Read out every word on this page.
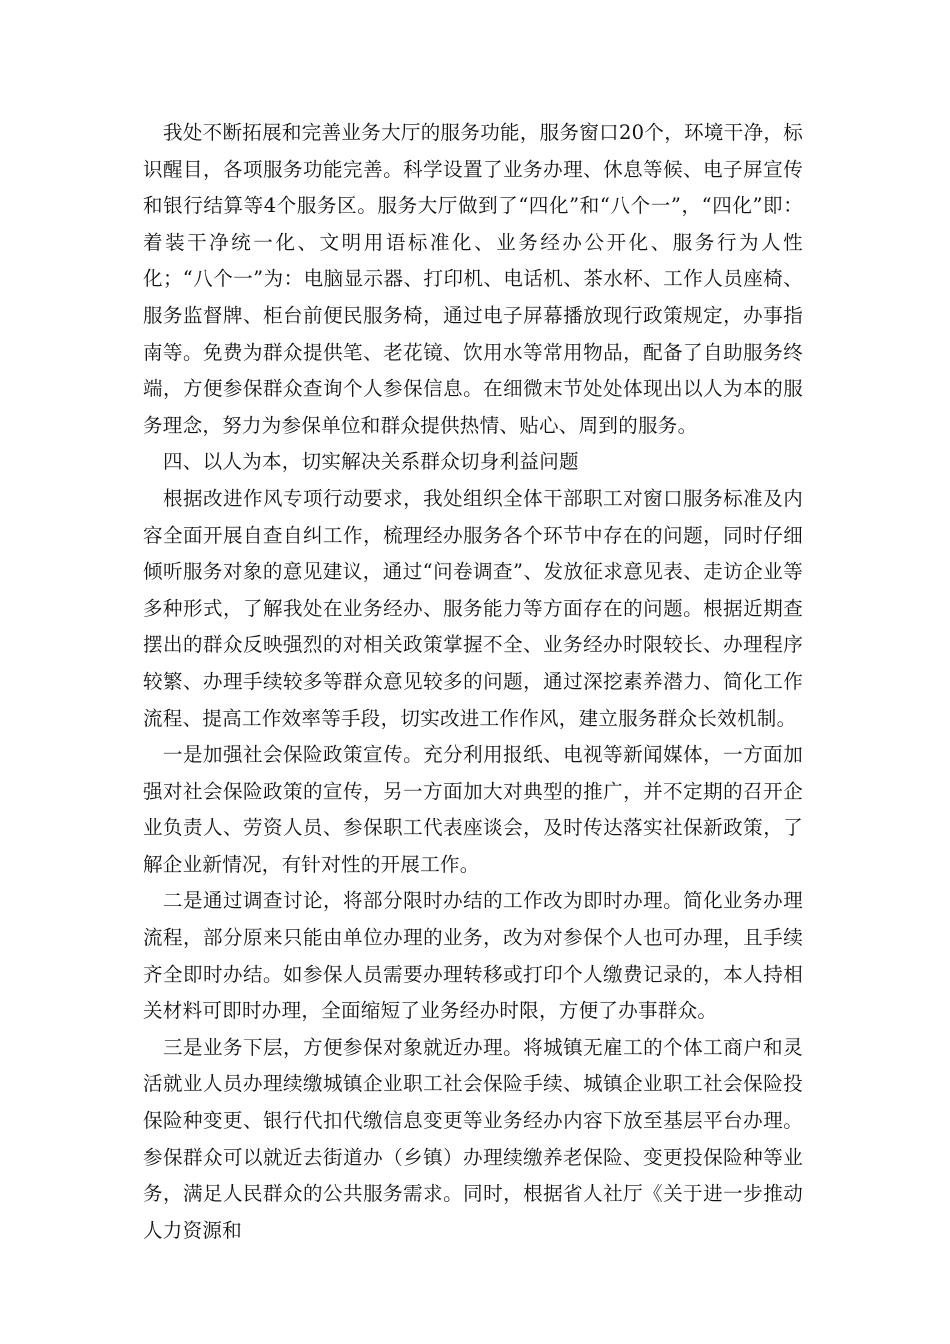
我处不断拓展和完善业务大厅的服务功能，服务窗口20个，环境干净，标识醒目，各项服务功能完善。科学设置了业务办理、休息等候、电子屏宣传和银行结算等4个服务区。服务大厅做到了“四化”和“八个一”，“四化”即：着装干净统一化、文明用语标准化、业务经办公开化、服务行为人性化；“八个一”为：电脑显示器、打印机、电话机、茶水杯、工作人员座椅、服务监督牌、柜台前便民服务椅，通过电子屏幕播放现行政策规定，办事指南等。免费为群众提供笔、老花镜、饮用水等常用物品，配备了自助服务终端，方便参保群众查询个人参保信息。在细微末节处处体现出以人为本的服务理念，努力为参保单位和群众提供热情、贴心、周到的服务。

四、以人为本，切实解决关系群众切身利益问题

根据改进作风专项行动要求，我处组织全体干部职工对窗口服务标准及内容全面开展自查自纠工作，梳理经办服务各个环节中存在的问题，同时仔细倾听服务对象的意见建议，通过“问卷调查”、发放征求意见表、走访企业等多种形式，了解我处在业务经办、服务能力等方面存在的问题。根据近期查摆出的群众反映强烈的对相关政策掌握不全、业务经办时限较长、办理程序较繁、办理手续较多等群众意见较多的问题，通过深挖素养潜力、简化工作流程、提高工作效率等手段，切实改进工作作风，建立服务群众长效机制。

一是加强社会保险政策宣传。充分利用报纸、电视等新闻媒体，一方面加强对社会保险政策的宣传，另一方面加大对典型的推广，并不定期的召开企业负责人、劳资人员、参保职工代表座谈会，及时传达落实社保新政策，了解企业新情况，有针对性的开展工作。

二是通过调查讨论，将部分限时办结的工作改为即时办理。简化业务办理流程，部分原来只能由单位办理的业务，改为对参保个人也可办理，且手续齐全即时办结。如参保人员需要办理转移或打印个人缴费记录的，本人持相关材料可即时办理，全面缩短了业务经办时限，方便了办事群众。

三是业务下层，方便参保对象就近办理。将城镇无雇工的个体工商户和灵活就业人员办理续缴城镇企业职工社会保险手续、城镇企业职工社会保险投保险种变更、银行代扣代缴信息变更等业务经办内容下放至基层平台办理。参保群众可以就近去街道办（乡镇）办理续缴养老保险、变更投保险种等业务，满足人民群众的公共服务需求。同时，根据省人社厅《关于进一步推动人力资源和
